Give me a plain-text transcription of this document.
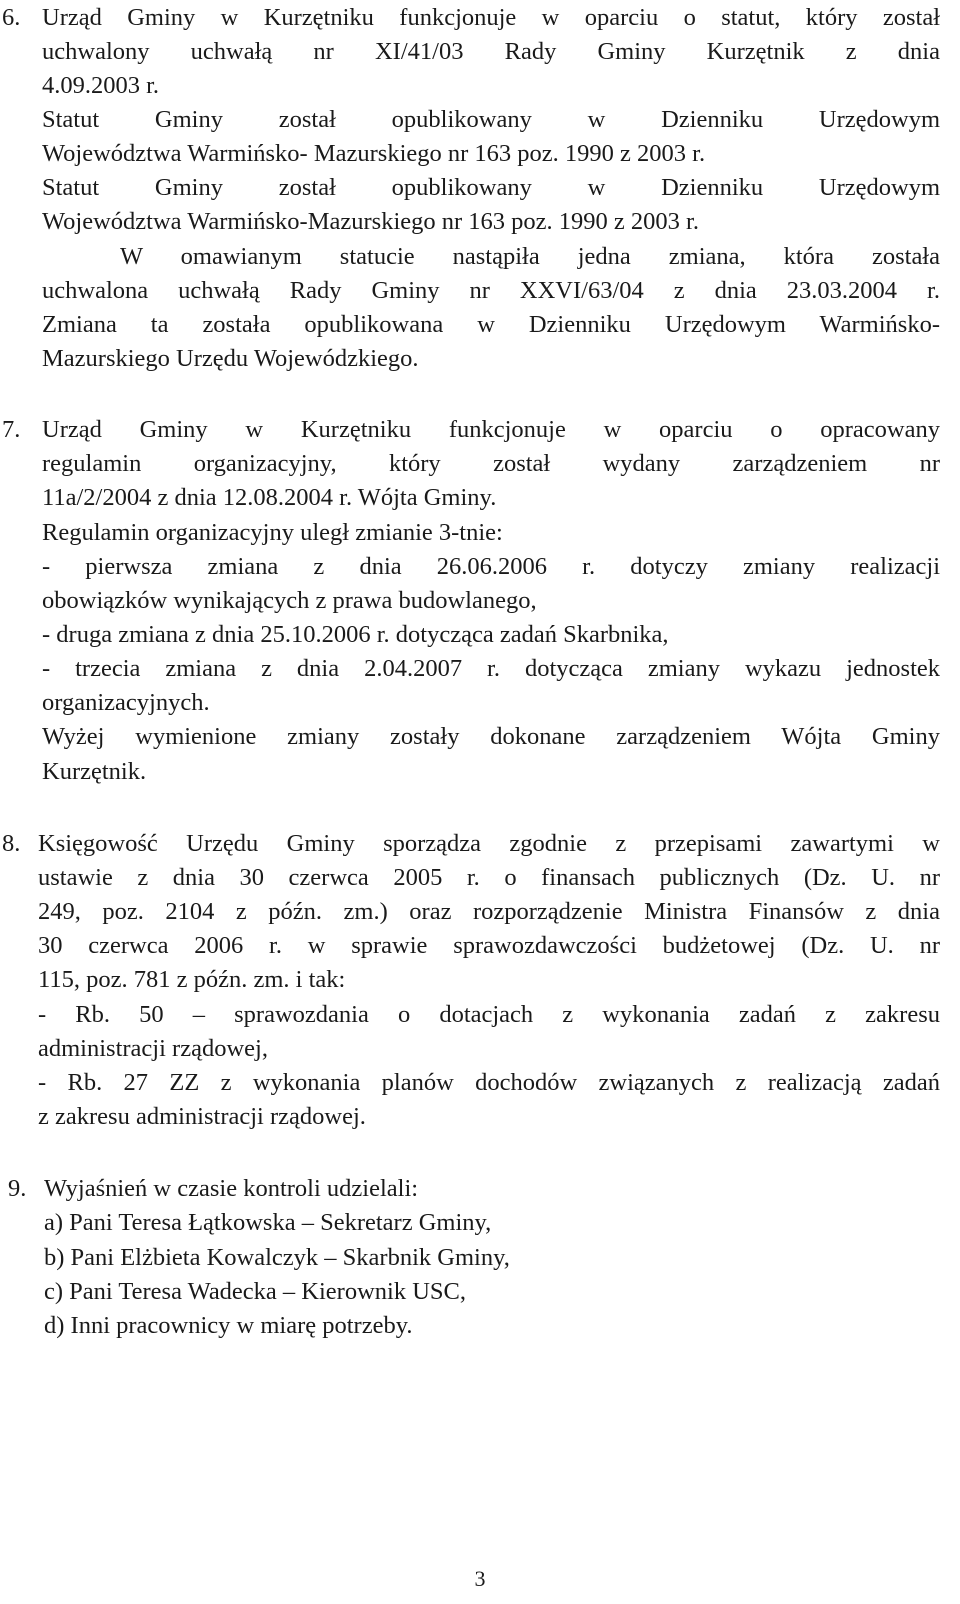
6. Urząd Gminy w Kurzętniku funkcjonuje w oparciu o statut, który został
uchwalony uchwałą nr XI/41/03 Rady Gminy Kurzętnik z dnia
4.09.2003 r.
Statut Gminy został opublikowany w Dzienniku Urzędowym
Województwa Warmińsko- Mazurskiego nr 163 poz. 1990 z 2003 r.
Statut Gminy został opublikowany w Dzienniku Urzędowym
Województwa Warmińsko-Mazurskiego nr 163 poz. 1990 z 2003 r.
W omawianym statucie nastąpiła jedna zmiana, która została
uchwalona uchwałą Rady Gminy nr XXVI/63/04 z dnia 23.03.2004 r.
Zmiana ta została opublikowana w Dzienniku Urzędowym Warmińsko-
Mazurskiego Urzędu Wojewódzkiego.
7. Urząd Gminy w Kurzętniku funkcjonuje w oparciu o opracowany
regulamin organizacyjny, który został wydany zarządzeniem nr
11a/2/2004 z dnia 12.08.2004 r. Wójta Gminy.
Regulamin organizacyjny uległ zmianie 3-tnie:
- pierwsza zmiana z dnia 26.06.2006 r. dotyczy zmiany realizacji
obowiązków wynikających z prawa budowlanego,
- druga zmiana z dnia 25.10.2006 r. dotycząca zadań Skarbnika,
- trzecia zmiana z dnia 2.04.2007 r. dotycząca zmiany wykazu jednostek
organizacyjnych.
Wyżej wymienione zmiany zostały dokonane zarządzeniem Wójta Gminy
Kurzętnik.
8. Księgowość Urzędu Gminy sporządza zgodnie z przepisami zawartymi w
ustawie z dnia 30 czerwca 2005 r. o finansach publicznych (Dz. U. nr
249, poz. 2104 z późn. zm.) oraz rozporządzenie Ministra Finansów z dnia
30 czerwca 2006 r. w sprawie sprawozdawczości budżetowej (Dz. U. nr
115, poz. 781 z późn. zm. i tak:
- Rb. 50 – sprawozdania o dotacjach z wykonania zadań z zakresu
administracji rządowej,
- Rb. 27 ZZ z wykonania planów dochodów związanych z realizacją zadań
z zakresu administracji rządowej.
9. Wyjaśnień w czasie kontroli udzielali:
a) Pani Teresa Łątkowska – Sekretarz Gminy,
b) Pani Elżbieta Kowalczyk – Skarbnik Gminy,
c) Pani Teresa Wadecka – Kierownik USC,
d) Inni pracownicy w miarę potrzeby.
3
